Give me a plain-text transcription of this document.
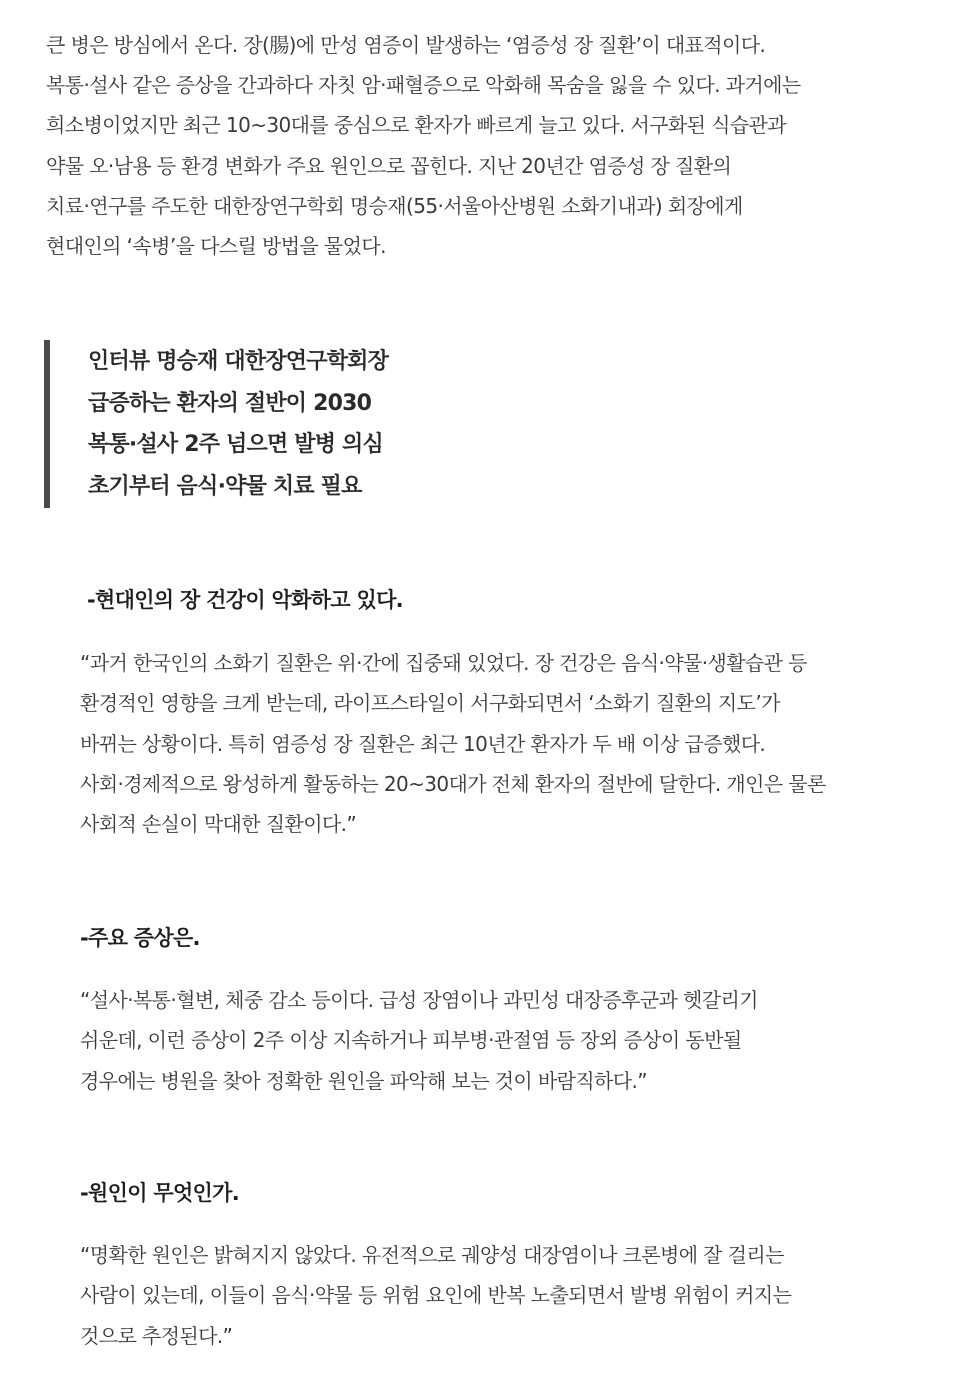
큰 병은 방심에서 온다. 장(腸)에 만성 염증이 발생하는 ‘염증성 장 질환’이 대표적이다.

복통·설사 같은 증상을 간과하다 자칫 암·패혈증으로 악화해 목숨을 잃을 수 있다. 과거에는

희소병이었지만 최근 10~30대를 중심으로 환자가 빠르게 늘고 있다. 서구화된 식습관과

약물 오·남용 등 환경 변화가 주요 원인으로 꼽힌다. 지난 20년간 염증성 장 질환의

치료·연구를 주도한 대한장연구학회 명승재(55·서울아산병원 소화기내과) 회장에게

현대인의 ‘속병’을 다스릴 방법을 물었다.

인터뷰 명승재 대한장연구학회장

급증하는 환자의 절반이 2030

복통·설사 2주 넘으면 발병 의심

초기부터 음식·약물 치료 필요

-현대인의 장 건강이 악화하고 있다.

“과거 한국인의 소화기 질환은 위·간에 집중돼 있었다. 장 건강은 음식·약물·생활습관 등

환경적인 영향을 크게 받는데, 라이프스타일이 서구화되면서 ‘소화기 질환의 지도’가

바뀌는 상황이다. 특히 염증성 장 질환은 최근 10년간 환자가 두 배 이상 급증했다.

사회·경제적으로 왕성하게 활동하는 20~30대가 전체 환자의 절반에 달한다. 개인은 물론

사회적 손실이 막대한 질환이다.”

-주요 증상은.

“설사·복통·혈변, 체중 감소 등이다. 급성 장염이나 과민성 대장증후군과 헷갈리기

쉬운데, 이런 증상이 2주 이상 지속하거나 피부병·관절염 등 장외 증상이 동반될

경우에는 병원을 찾아 정확한 원인을 파악해 보는 것이 바람직하다.”

-원인이 무엇인가.

“명확한 원인은 밝혀지지 않았다. 유전적으로 궤양성 대장염이나 크론병에 잘 걸리는

사람이 있는데, 이들이 음식·약물 등 위험 요인에 반복 노출되면서 발병 위험이 커지는

것으로 추정된다.”
